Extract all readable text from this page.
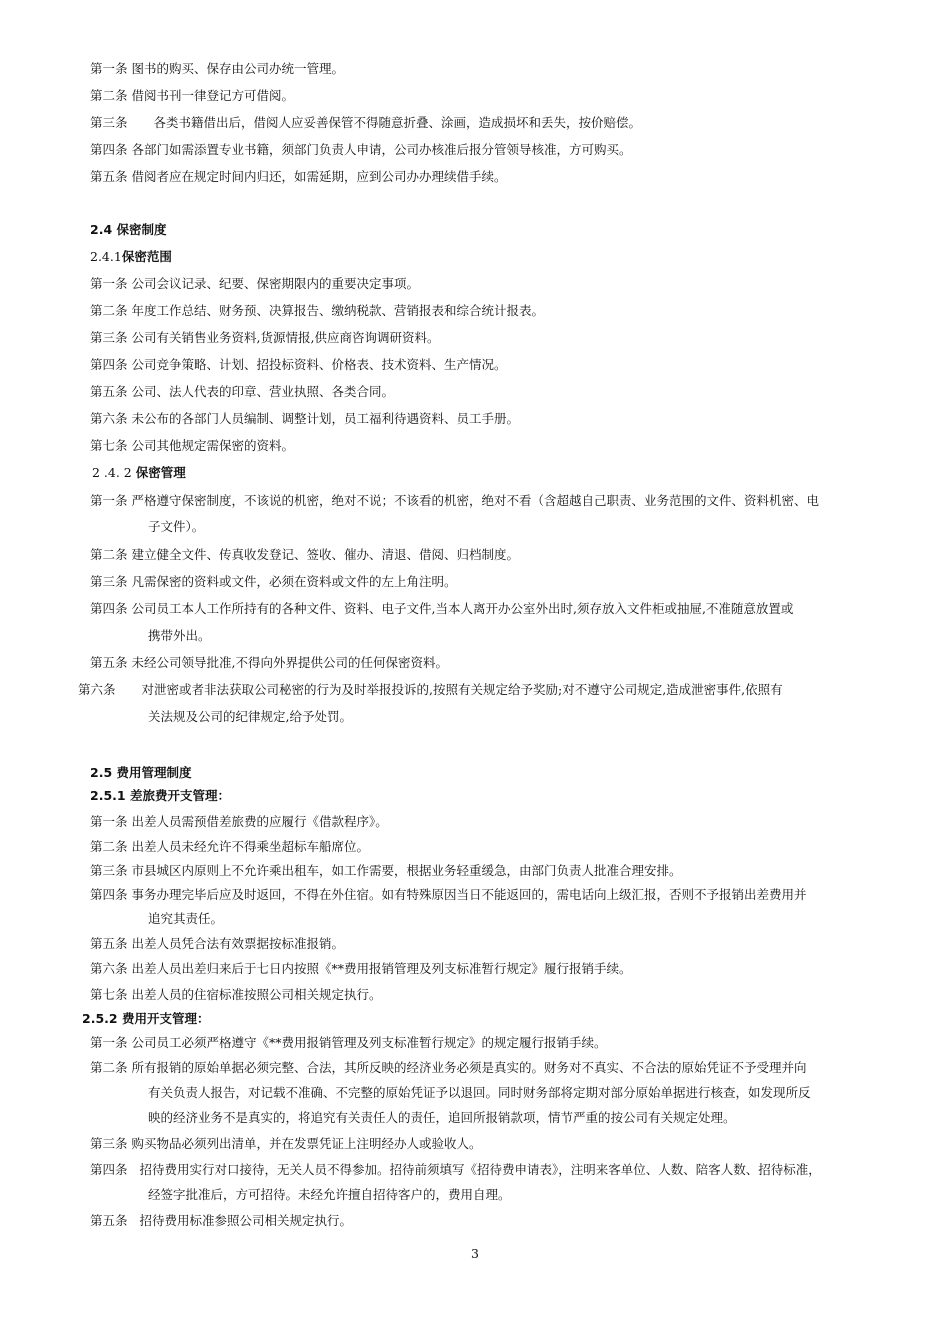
第一条 图书的购买、保存由公司办统一管理。
第二条 借阅书刊一律登记方可借阅。
第三条 各类书籍借出后，借阅人应妥善保管不得随意折叠、涂画，造成损坏和丢失，按价赔偿。
第四条 各部门如需添置专业书籍，须部门负责人申请，公司办核准后报分管领导核准，方可购买。
第五条 借阅者应在规定时间内归还，如需延期，应到公司办办理续借手续。
2.4 保密制度
2.4.1保密范围
第一条 公司会议记录、纪要、保密期限内的重要决定事项。
第二条 年度工作总结、财务预、决算报告、缴纳税款、营销报表和综合统计报表。
第三条 公司有关销售业务资料,货源情报,供应商咨询调研资料。
第四条 公司竞争策略、计划、招投标资料、价格表、技术资料、生产情况。
第五条 公司、法人代表的印章、营业执照、各类合同。
第六条 未公布的各部门人员编制、调整计划，员工福利待遇资料、员工手册。
第七条 公司其他规定需保密的资料。
2 .4. 2 保密管理
第一条 严格遵守保密制度，不该说的机密，绝对不说；不该看的机密，绝对不看（含超越自己职责、业务范围的文件、资料机密、电
子文件）。
第二条 建立健全文件、传真收发登记、签收、催办、清退、借阅、归档制度。
第三条 凡需保密的资料或文件，必须在资料或文件的左上角注明。
第四条 公司员工本人工作所持有的各种文件、资料、电子文件,当本人离开办公室外出时,须存放入文件柜或抽屉,不准随意放置或
携带外出。
第五条 未经公司领导批准,不得向外界提供公司的任何保密资料。
第六条 对泄密或者非法获取公司秘密的行为及时举报投诉的,按照有关规定给予奖励;对不遵守公司规定,造成泄密事件,依照有
关法规及公司的纪律规定,给予处罚。
2.5 费用管理制度
2.5.1 差旅费开支管理：
第一条 出差人员需预借差旅费的应履行《借款程序》。
第二条 出差人员未经允许不得乘坐超标车船席位。
第三条 市县城区内原则上不允许乘出租车，如工作需要，根据业务轻重缓急，由部门负责人批准合理安排。
第四条 事务办理完毕后应及时返回，不得在外住宿。如有特殊原因当日不能返回的，需电话向上级汇报，否则不予报销出差费用并
追究其责任。
第五条 出差人员凭合法有效票据按标准报销。
第六条 出差人员出差归来后于七日内按照《**费用报销管理及列支标准暂行规定》履行报销手续。
第七条 出差人员的住宿标准按照公司相关规定执行。
2.5.2 费用开支管理：
第一条 公司员工必须严格遵守《**费用报销管理及列支标准暂行规定》的规定履行报销手续。
第二条 所有报销的原始单据必须完整、合法，其所反映的经济业务必须是真实的。财务对不真实、不合法的原始凭证不予受理并向
有关负责人报告，对记载不准确、不完整的原始凭证予以退回。同时财务部将定期对部分原始单据进行核查，如发现所反
映的经济业务不是真实的，将追究有关责任人的责任，追回所报销款项，情节严重的按公司有关规定处理。
第三条 购买物品必须列出清单，并在发票凭证上注明经办人或验收人。
第四条 招待费用实行对口接待，无关人员不得参加。招待前须填写《招待费申请表》，注明来客单位、人数、陪客人数、招待标准，
经签字批准后，方可招待。未经允许擅自招待客户的，费用自理。
第五条 招待费用标准参照公司相关规定执行。
3
